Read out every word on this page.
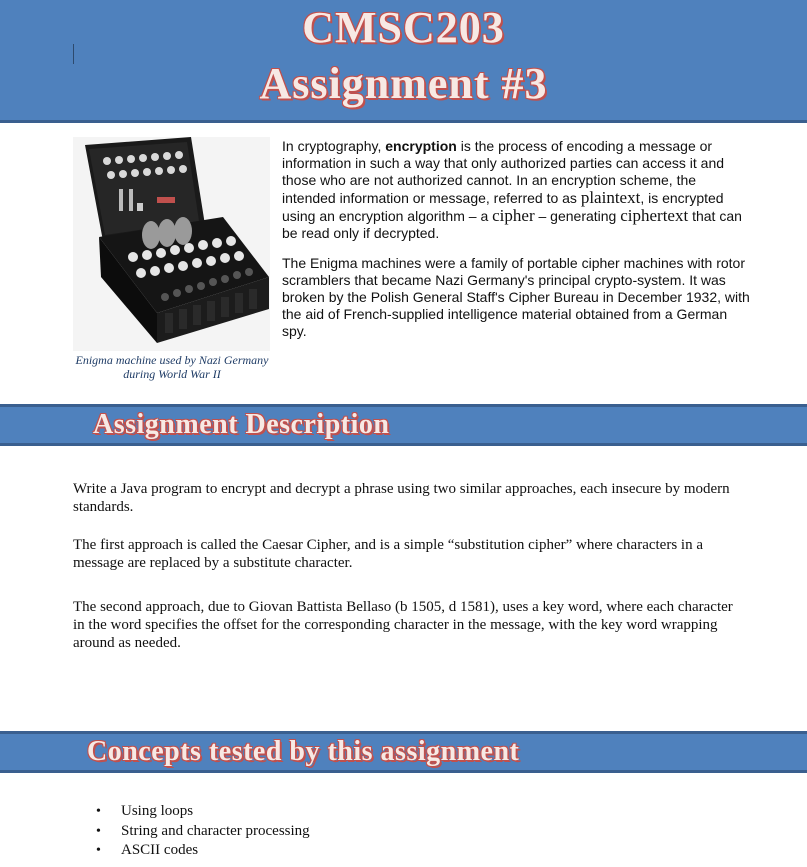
CMSC203
Assignment #3
Enigma machine used by Nazi Germany during World War II

In cryptography, encryption is the process of encoding a message or information in such a way that only authorized parties can access it and those who are not authorized cannot. In an encryption scheme, the intended information or message, referred to as plaintext, is encrypted using an encryption algorithm – a cipher – generating ciphertext that can be read only if decrypted.

The Enigma machines were a family of portable cipher machines with rotor scramblers that became Nazi Germany's principal crypto-system. It was broken by the Polish General Staff's Cipher Bureau in December 1932, with the aid of French-supplied intelligence material obtained from a German spy.

Assignment Description
Write a Java program to encrypt and decrypt a phrase using two similar approaches, each insecure by modern standards.
The first approach is called the Caesar Cipher, and is a simple “substitution cipher” where characters in a message are replaced by a substitute character.
The second approach, due to Giovan Battista Bellaso (b 1505, d 1581), uses a key word, where each character in the word specifies the offset for the corresponding character in the message, with the key word wrapping around as needed.
Concepts tested by this assignment
• Using loops
• String and character processing
• ASCII codes
